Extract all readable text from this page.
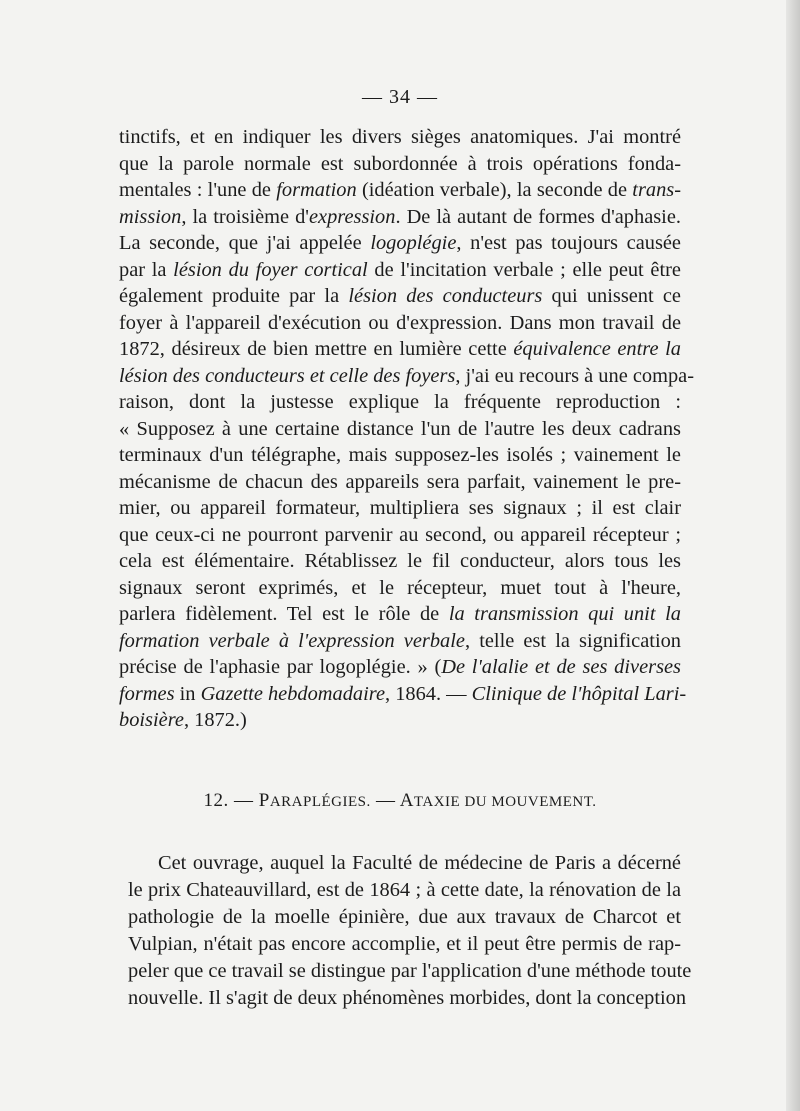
— 34 —
tinctifs, et en indiquer les divers sièges anatomiques. J'ai montré
que la parole normale est subordonnée à trois opérations fonda-
mentales : l'une de formation (idéation verbale), la seconde de trans-
mission, la troisième d'expression. De là autant de formes d'aphasie.
La seconde, que j'ai appelée logoplégie, n'est pas toujours causée
par la lésion du foyer cortical de l'incitation verbale ; elle peut être
également produite par la lésion des conducteurs qui unissent ce
foyer à l'appareil d'exécution ou d'expression. Dans mon travail de
1872, désireux de bien mettre en lumière cette équivalence entre la
lésion des conducteurs et celle des foyers, j'ai eu recours à une compa-
raison, dont la justesse explique la fréquente reproduction :
« Supposez à une certaine distance l'un de l'autre les deux cadrans
terminaux d'un télégraphe, mais supposez-les isolés ; vainement le
mécanisme de chacun des appareils sera parfait, vainement le pre-
mier, ou appareil formateur, multipliera ses signaux ; il est clair
que ceux-ci ne pourront parvenir au second, ou appareil récepteur ;
cela est élémentaire. Rétablissez le fil conducteur, alors tous les
signaux seront exprimés, et le récepteur, muet tout à l'heure,
parlera fidèlement. Tel est le rôle de la transmission qui unit la
formation verbale à l'expression verbale, telle est la signification
précise de l'aphasie par logoplégie. » (De l'alalie et de ses diverses
formes in Gazette hebdomadaire, 1864. — Clinique de l'hôpital Lari-
boisière, 1872.)
12. — PARAPLÉGIES. — ATAXIE DU MOUVEMENT.
Cet ouvrage, auquel la Faculté de médecine de Paris a décerné
le prix Chateauvillard, est de 1864 ; à cette date, la rénovation de la
pathologie de la moelle épinière, due aux travaux de Charcot et
Vulpian, n'était pas encore accomplie, et il peut être permis de rap-
peler que ce travail se distingue par l'application d'une méthode toute
nouvelle. Il s'agit de deux phénomènes morbides, dont la conception
